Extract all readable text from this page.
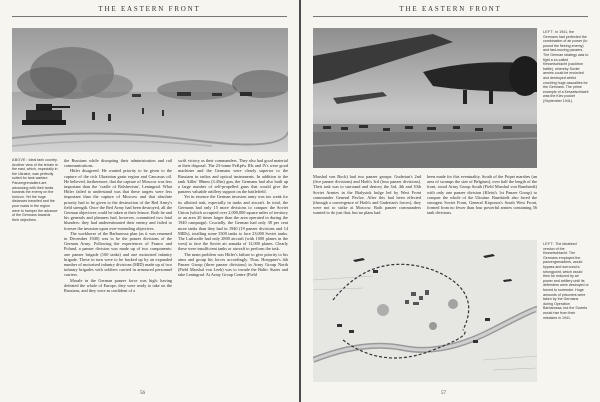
THE EASTERN FRONT
ABOVE: Ideal tank country. Another view of the terrain in the east, which, especially in the Ukraine, was perfectly suited for tank warfare. Panzergrenadiers are advancing with their tanks towards the enemy on the horizon. Yet the huge distances travelled and the poor roads in the region were to hamper the advance of the Germans towards their objectives.

the Russians while disrupting their administration and rail communications.

Hitler disagreed. He wanted priority to be given to the capture of the rich Ukrainian grain region and Caucasus oil. He believed, furthermore, that the capture of Moscow was less important than the 'cradle of Bolshevism', Leningrad. What Hitler failed to understand was that these targets were less important than the capture of Moscow and that absolute priority had to be given to the destruction of the Red Army's field strength. Once the Red Army had been destroyed, all the German objectives could be taken at their leisure. Both he and his generals and planners had, however, committed two fatal blunders: they had underestimated their enemy and failed to foresee the invasion upon over-extending objectives.

The workhorse of the Barbarossa plan (as it was renamed in December 1940) was to be the panzer divisions of the German Army. Following the experiences of France and Poland, a panzer division was made up of two components: one panzer brigade (160 tanks) and one motorised infantry brigade. These in turn were to be backed up by an expanded number of motorised infantry divisions (MID) made up of two infantry brigades with soldiers carried in armoured personnel carriers.

Morale in the German panzer force was high: having defeated the whole of Europe, they were ready to take on the Russians, and they were as confident of a

swift victory as their commanders. They also had good material at their disposal. The 23-tonne PzKpfw IIIs and IVs were good machines and the Germans were clearly superior to the Russians in radios and optical instruments. In addition to the tank 'killer' 88mm (3.45in) gun, the Germans had also built up a large number of self-propelled guns that would give the panzers valuable artillery support on the battlefield.

Yet in essence the German invasion army was too weak for its allotted task, especially in tanks and aircraft. In total, the Germans had only 15 more divisions to conquer the Soviet Union (which occupied over 2,000,000 square miles of territory or an area 20 times larger than the area operated in during the 1940 campaign). Crucially, the German had only 38 per cent more tanks than they had in 1940 (19 panzer divisions and 14 MIDs), totalling some 3300 tanks to face 23,000 Soviet tanks. The Luftwaffe had only 2800 aircraft (with 1000 planes in the west) to face the Soviet air armada of 12,000 planes. Clearly these were insufficient tanks or aircraft to perform the task.

The main problem was Hitler's failure to give priority to his aims and group his forces accordingly. Thus, Hoeppner's 4th Panzer Group (three panzer divisions) in Army Group North (Field Marshal von Leeb) was to invade the Baltic States and take Leningrad. At Army Group Centre (Field

56
THE EASTERN FRONT
LEFT: In 1941, the Germans had perfected the combination of air power (to pound the fleeing enemy) and fast-moving panzers. The German strategy was to fight a so-called Kesselschlacht (cauldron battle), whereby Soviet armies could be encircled and destroyed whilst crushing huge casualties for the Germans. The prime example of a Kesselschlacht was the Kiev pocket (September 1941).

Marshal von Bock) had two panzer groups: Guderian's 2nd (five panzer divisions) and Hoth's 3rd (four panzer divisions). Their task was to surround and destroy the 3rd, 4th and 10th Soviet Armies in the Bialystok bulge led by West Front commander General Pavlov. After this had been effected (through a convergence of Hoth's and Guderian's forces), they were not to strike at Moscow. Both panzer commanders wanted to do just that, but no plans had

been made for this eventuality. South of the Pripet marshes (an area of swamps the size of Belgium), over half the length of the front, stood Army Group South (Field Marshal von Rundstedt) with only one panzer division (Kleist's 1st Panzer Group) to conquer the whole of the Ukraine. Rundstedt also faced the strongest Soviet Front, General Kirponos's South West Front, formed from no fewer than four powerful armies containing 56 tank divisions.

LEFT: The idealised version of the Kesselschlacht. The Germans employed the panzergrenadiers, would bypass and surround a strongpoint, which would then be reduced by air power and artillery until its defenders were destroyed or forced to surrender. Huge amounts of prisoners were taken by the Germans during Operation Barbarossa, but the Soviets would rise from their mistakes in 1941.
57
